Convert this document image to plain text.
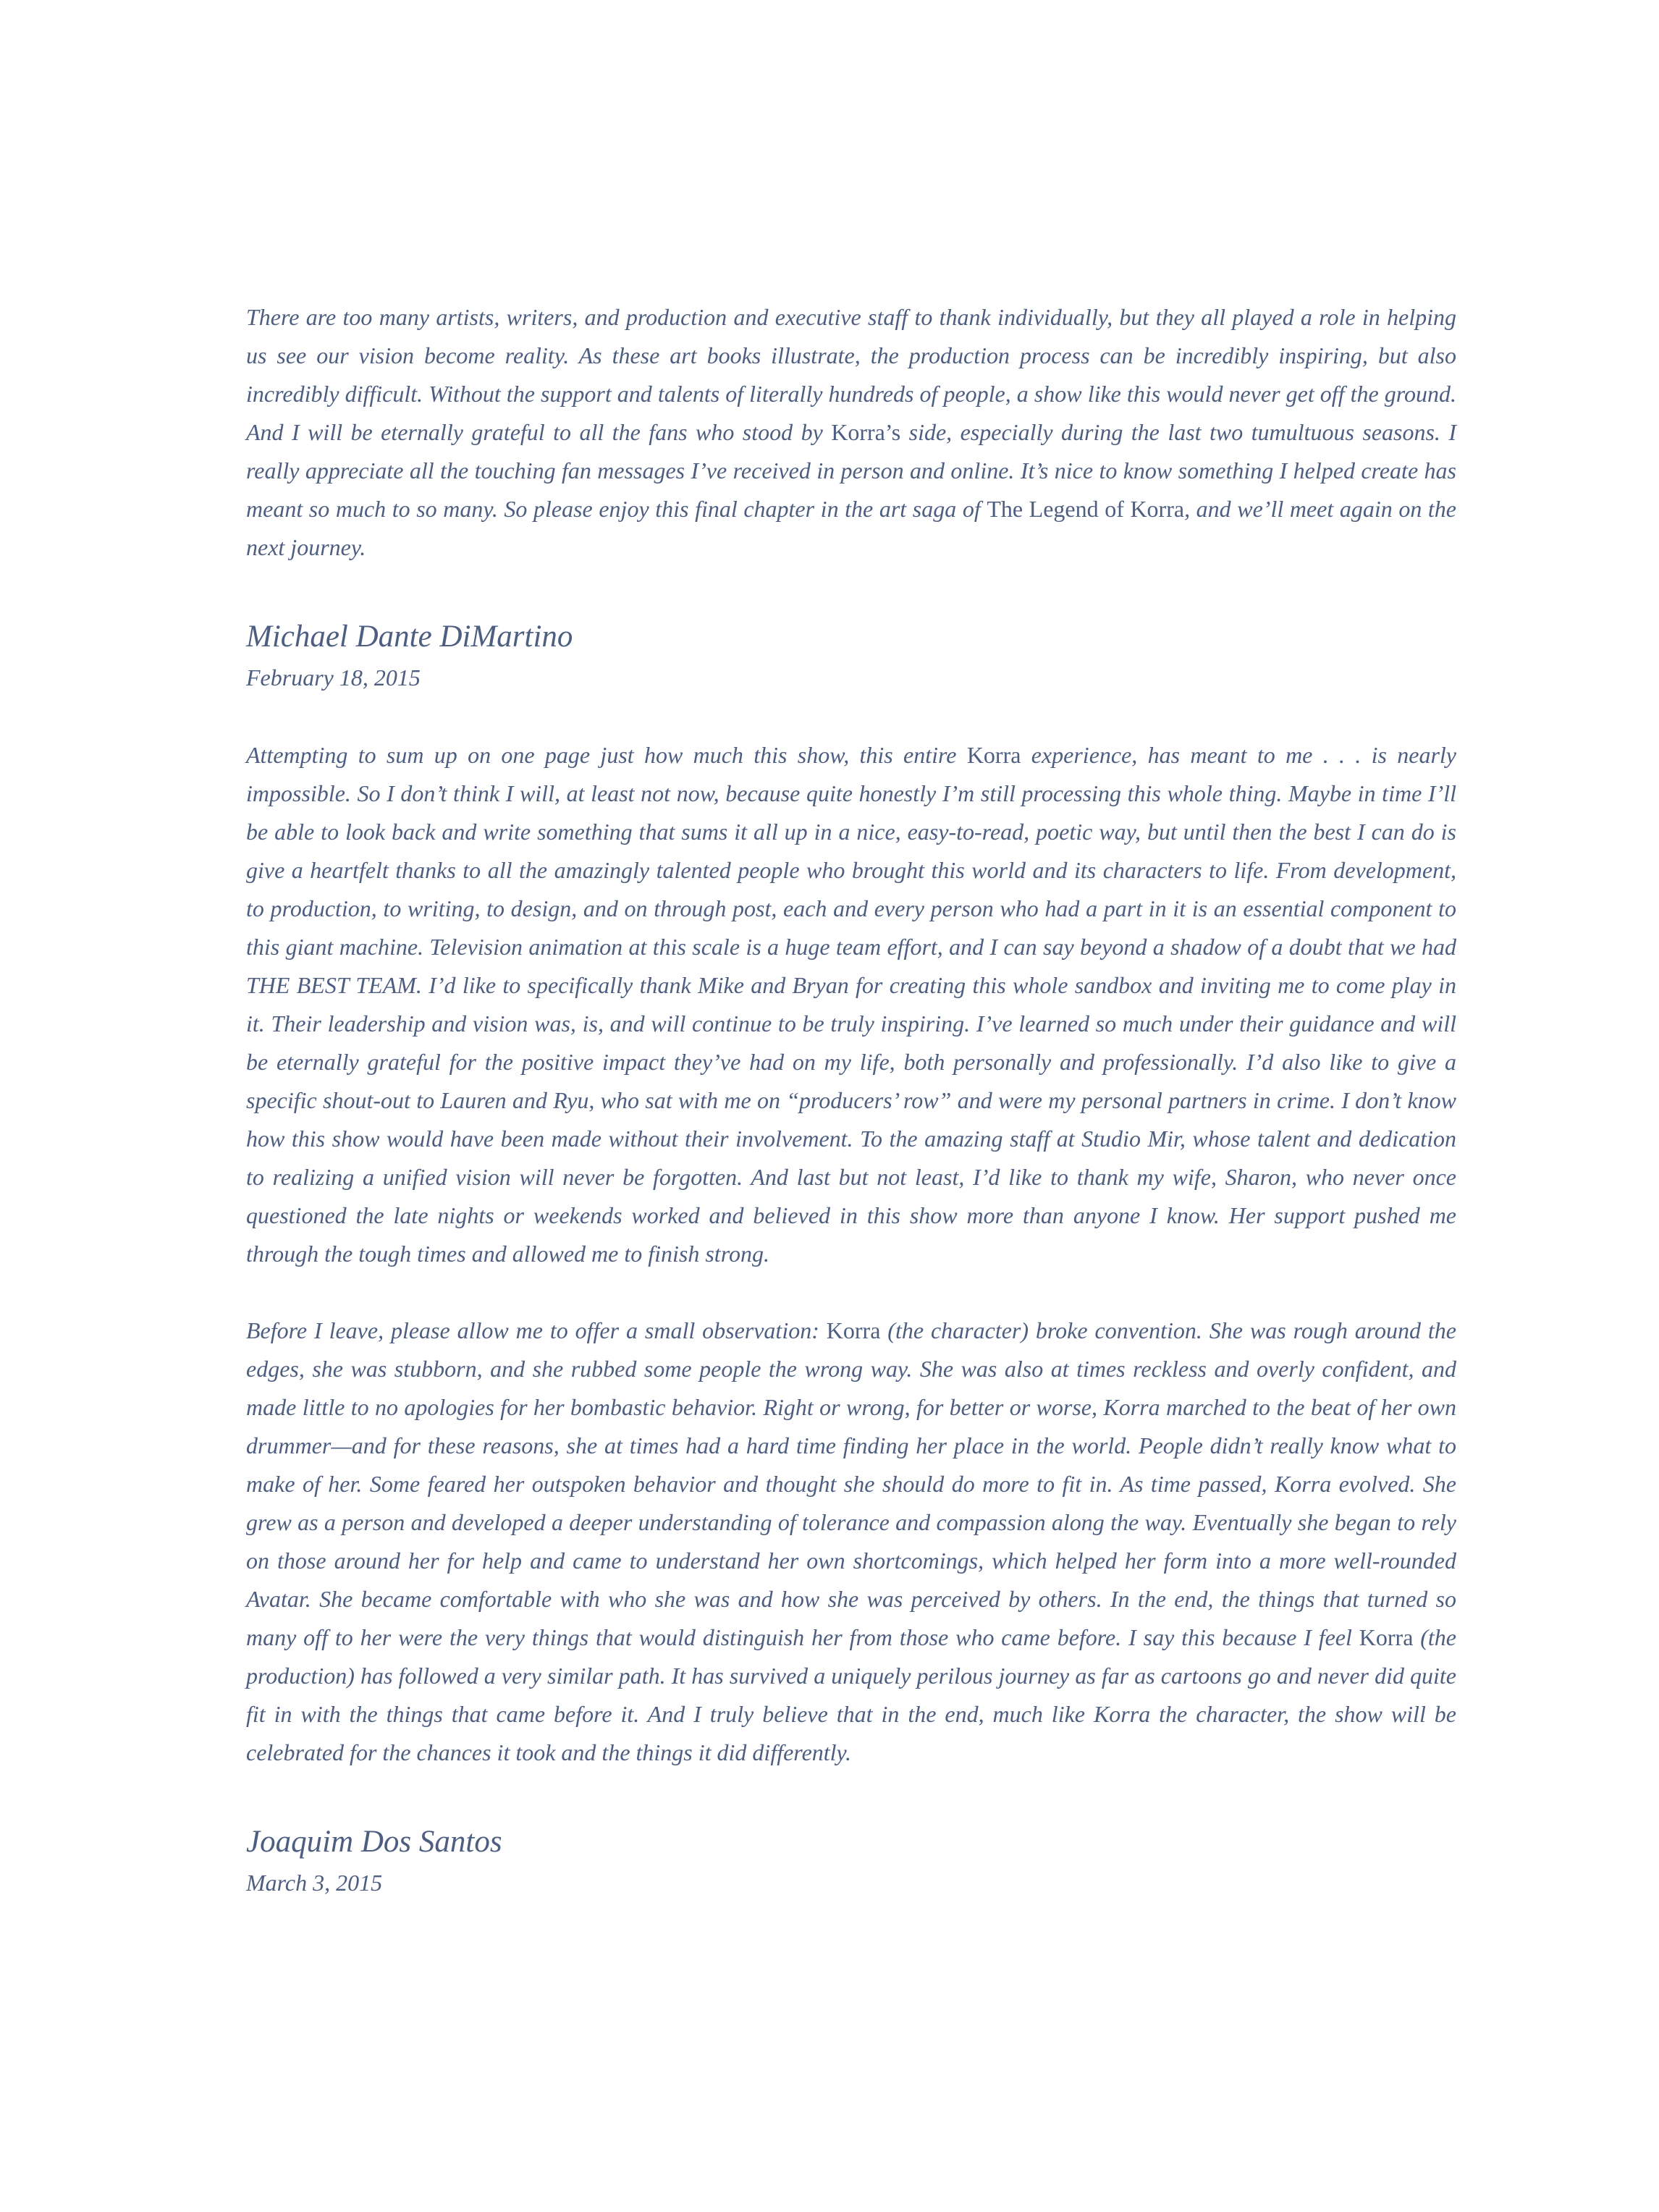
There are too many artists, writers, and production and executive staff to thank individually, but they all played a role in helping us see our vision become reality. As these art books illustrate, the production process can be incredibly inspiring, but also incredibly difficult. Without the support and talents of literally hundreds of people, a show like this would never get off the ground. And I will be eternally grateful to all the fans who stood by Korra’s side, especially during the last two tumultuous seasons. I really appreciate all the touching fan messages I’ve received in person and online. It’s nice to know something I helped create has meant so much to so many. So please enjoy this final chapter in the art saga of The Legend of Korra, and we’ll meet again on the next journey.

Michael Dante DiMartino
February 18, 2015

Attempting to sum up on one page just how much this show, this entire Korra experience, has meant to me . . . is nearly impossible. So I don’t think I will, at least not now, because quite honestly I’m still processing this whole thing. Maybe in time I’ll be able to look back and write something that sums it all up in a nice, easy-to-read, poetic way, but until then the best I can do is give a heartfelt thanks to all the amazingly talented people who brought this world and its characters to life. From development, to production, to writing, to design, and on through post, each and every person who had a part in it is an essential component to this giant machine. Television animation at this scale is a huge team effort, and I can say beyond a shadow of a doubt that we had THE BEST TEAM. I’d like to specifically thank Mike and Bryan for creating this whole sandbox and inviting me to come play in it. Their leadership and vision was, is, and will continue to be truly inspiring. I’ve learned so much under their guidance and will be eternally grateful for the positive impact they’ve had on my life, both personally and professionally. I’d also like to give a specific shout-out to Lauren and Ryu, who sat with me on “producers’ row” and were my personal partners in crime. I don’t know how this show would have been made without their involvement. To the amazing staff at Studio Mir, whose talent and dedication to realizing a unified vision will never be forgotten. And last but not least, I’d like to thank my wife, Sharon, who never once questioned the late nights or weekends worked and believed in this show more than anyone I know. Her support pushed me through the tough times and allowed me to finish strong.

Before I leave, please allow me to offer a small observation: Korra (the character) broke convention. She was rough around the edges, she was stubborn, and she rubbed some people the wrong way. She was also at times reckless and overly confident, and made little to no apologies for her bombastic behavior. Right or wrong, for better or worse, Korra marched to the beat of her own drummer—and for these reasons, she at times had a hard time finding her place in the world. People didn’t really know what to make of her. Some feared her outspoken behavior and thought she should do more to fit in. As time passed, Korra evolved. She grew as a person and developed a deeper understanding of tolerance and compassion along the way. Eventually she began to rely on those around her for help and came to understand her own shortcomings, which helped her form into a more well-rounded Avatar. She became comfortable with who she was and how she was perceived by others. In the end, the things that turned so many off to her were the very things that would distinguish her from those who came before. I say this because I feel Korra (the production) has followed a very similar path. It has survived a uniquely perilous journey as far as cartoons go and never did quite fit in with the things that came before it. And I truly believe that in the end, much like Korra the character, the show will be celebrated for the chances it took and the things it did differently.

Joaquim Dos Santos
March 3, 2015
